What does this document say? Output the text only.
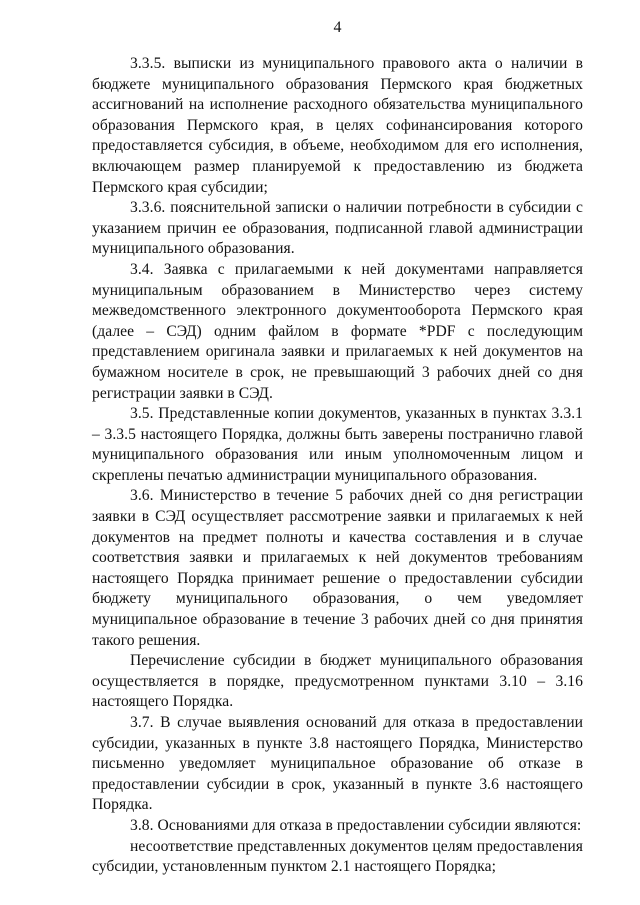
4

3.3.5. выписки из муниципального правового акта о наличии в бюджете муниципального образования Пермского края бюджетных ассигнований на исполнение расходного обязательства муниципального образования Пермского края, в целях софинансирования которого предоставляется субсидия, в объеме, необходимом для его исполнения, включающем размер планируемой к предоставлению из бюджета Пермского края субсидии;

3.3.6. пояснительной записки о наличии потребности в субсидии с указанием причин ее образования, подписанной главой администрации муниципального образования.

3.4. Заявка с прилагаемыми к ней документами направляется муниципальным образованием в Министерство через систему межведомственного электронного документооборота Пермского края (далее – СЭД) одним файлом в формате *PDF с последующим представлением оригинала заявки и прилагаемых к ней документов на бумажном носителе в срок, не превышающий 3 рабочих дней со дня регистрации заявки в СЭД.

3.5. Представленные копии документов, указанных в пунктах 3.3.1 – 3.3.5 настоящего Порядка, должны быть заверены постранично главой муниципального образования или иным уполномоченным лицом и скреплены печатью администрации муниципального образования.

3.6. Министерство в течение 5 рабочих дней со дня регистрации заявки в СЭД осуществляет рассмотрение заявки и прилагаемых к ней документов на предмет полноты и качества составления и в случае соответствия заявки и прилагаемых к ней документов требованиям настоящего Порядка принимает решение о предоставлении субсидии бюджету муниципального образования, о чем уведомляет муниципальное образование в течение 3 рабочих дней со дня принятия такого решения.

Перечисление субсидии в бюджет муниципального образования осуществляется в порядке, предусмотренном пунктами 3.10 – 3.16 настоящего Порядка.

3.7. В случае выявления оснований для отказа в предоставлении субсидии, указанных в пункте 3.8 настоящего Порядка, Министерство письменно уведомляет муниципальное образование об отказе в предоставлении субсидии в срок, указанный в пункте 3.6 настоящего Порядка.

3.8. Основаниями для отказа в предоставлении субсидии являются:

несоответствие представленных документов целям предоставления субсидии, установленным пунктом 2.1 настоящего Порядка;
